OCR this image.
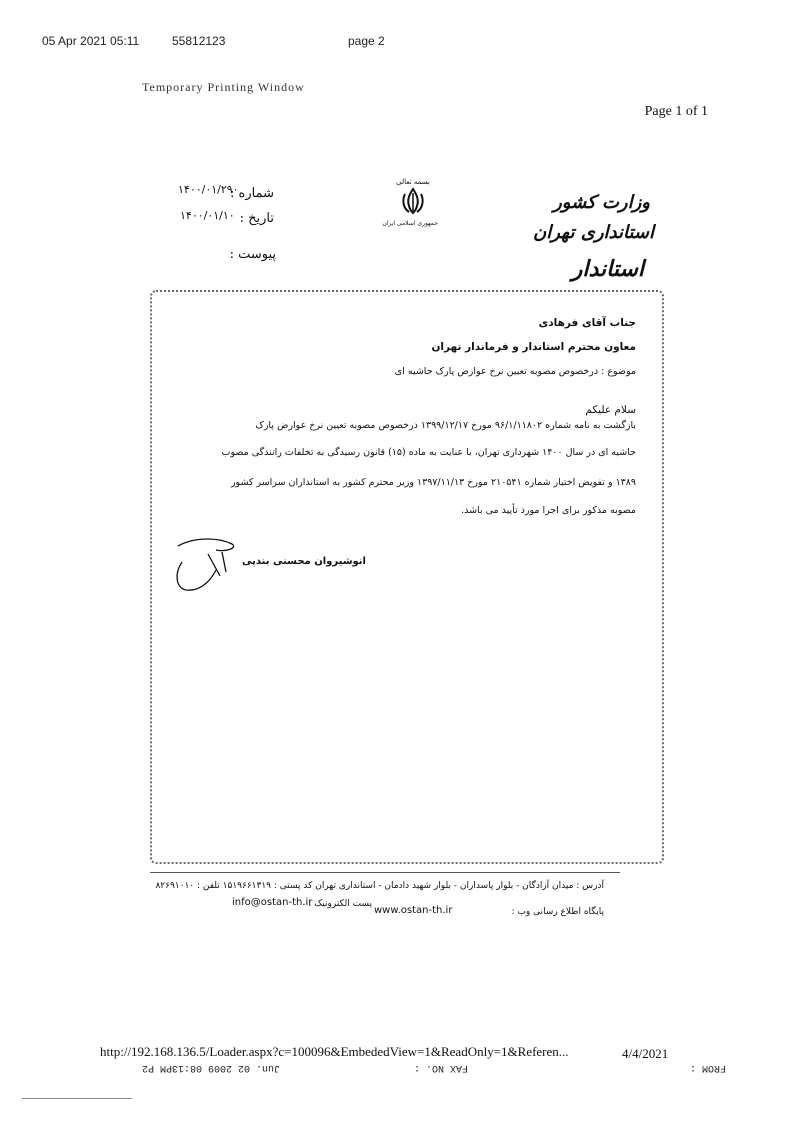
05 Apr 2021 05:11	55812123	page 2
Temporary Printing Window
Page 1 of 1
شماره :
۱۴۰۰/۰۱/۲۹۰
تاریخ :
۱۴۰۰/۰۱/۱۰
پیوست :
بسمه تعالی
جمهوری اسلامی ایران
وزارت کشور
استانداری تهران
استاندار
جناب آقای فرهادی
معاون محترم استاندار و فرماندار تهران
موضوع : درخصوص مصوبه تعیین نرخ عوارض پارک حاشیه ای
سلام علیکم
بازگشت به نامه شماره ۹۶/۱/۱۱۸۰۲ مورخ ۱۳۹۹/۱۲/۱۷ درخصوص مصوبه تعیین نرخ عوارض پارک
حاشیه ای در سال ۱۴۰۰ شهرداری تهران، با عنایت به ماده (۱۵) قانون رسیدگی به تخلفات رانندگی مصوب
۱۳۸۹ و تفویض اختیار شماره ۲۱۰۵۴۱ مورخ ۱۳۹۷/۱۱/۱۳ وزیر محترم کشور به استانداران سراسر کشور
مصوبه مذکور برای اجرا مورد تأیید می باشد.
انوشیروان محسنی بندپی
آدرس : میدان آزادگان - بلوار پاسداران - بلوار شهید دادمان - استانداری تهران کد پستی : ۱۵۱۹۶۶۱۳۱۹ تلفن : ۸۲۶۹۱۰۱۰
پایگاه اطلاع رسانی وب :
www.ostan-th.ir
پست الکترونیک :
info@ostan-th.ir
http://192.168.136.5/Loader.aspx?c=100096&EmbededView=1&ReadOnly=1&Referen...	4/4/2021
Jun. 02 2009 08:13PM P2	FAX NO. :	FROM :
